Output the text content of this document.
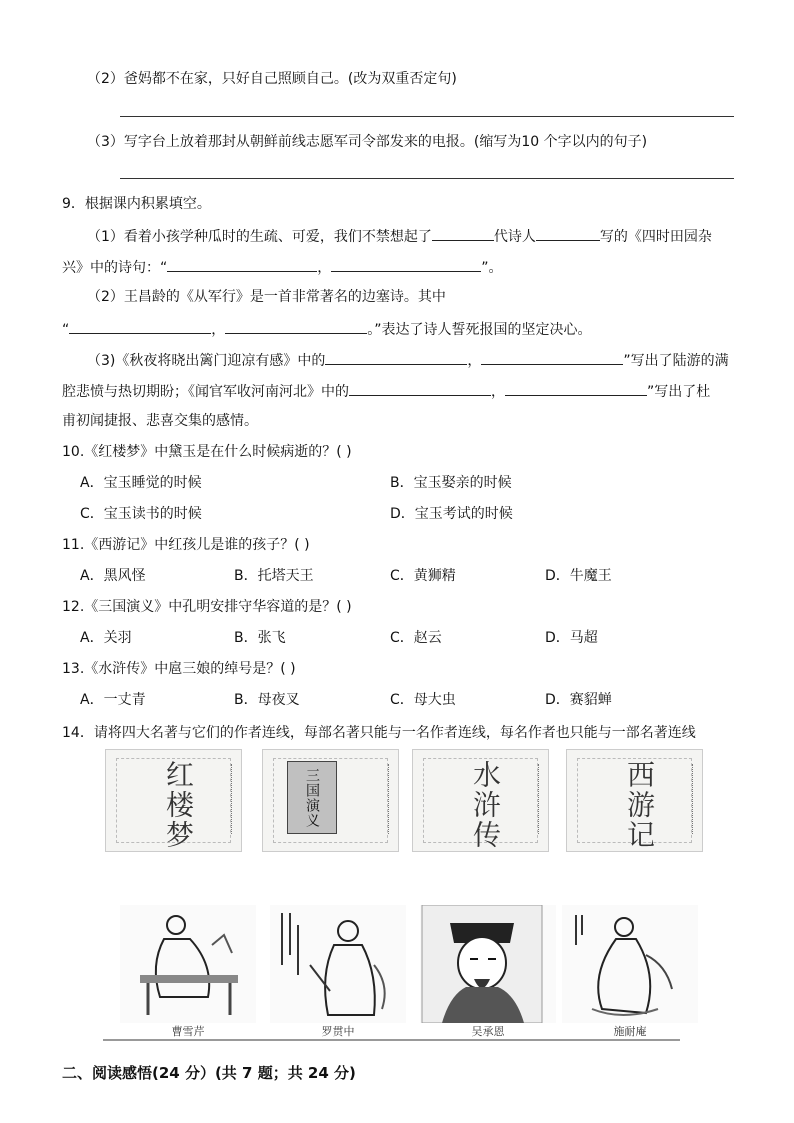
（2）爸妈都不在家，只好自己照顾自己。(改为双重否定句)
（3）写字台上放着那封从朝鲜前线志愿军司令部发来的电报。(缩写为10 个字以内的句子)
9．根据课内积累填空。
（1）看着小孩学种瓜时的生疏、可爱，我们不禁想起了	代诗人	写的《四时田园杂
兴》中的诗句：“	，	”。
（2）王昌龄的《从军行》是一首非常著名的边塞诗。其中
“	，	。”表达了诗人誓死报国的坚定决心。
（3)《秋夜将晓出篱门迎凉有感》中的	，	”写出了陆游的满
腔悲愤与热切期盼；《闻官军收河南河北》中的	，	”写出了杜
甫初闻捷报、悲喜交集的感情。
10.《红楼梦》中黛玉是在什么时候病逝的？( )
A．宝玉睡觉的时候	B．宝玉娶亲的时候
C．宝玉读书的时候	D．宝玉考试的时候
11.《西游记》中红孩儿是谁的孩子？( )
A．黑风怪	B．托塔天王	C．黄狮精	D．牛魔王
12.《三国演义》中孔明安排守华容道的是？( )
A．关羽	B．张飞	C．赵云	D．马超
13.《水浒传》中扈三娘的绰号是？( )
A．一丈青	B．母夜叉	C．母大虫	D．赛貂蝉
14．请将四大名著与它们的作者连线，每部名著只能与一名作者连线，每名作者也只能与一部名著连线
红楼梦	三国演义	水浒传	西游记
曹雪芹	罗贯中	吴承恩	施耐庵
二、阅读感悟(24 分）(共 7 题；共 24 分)
